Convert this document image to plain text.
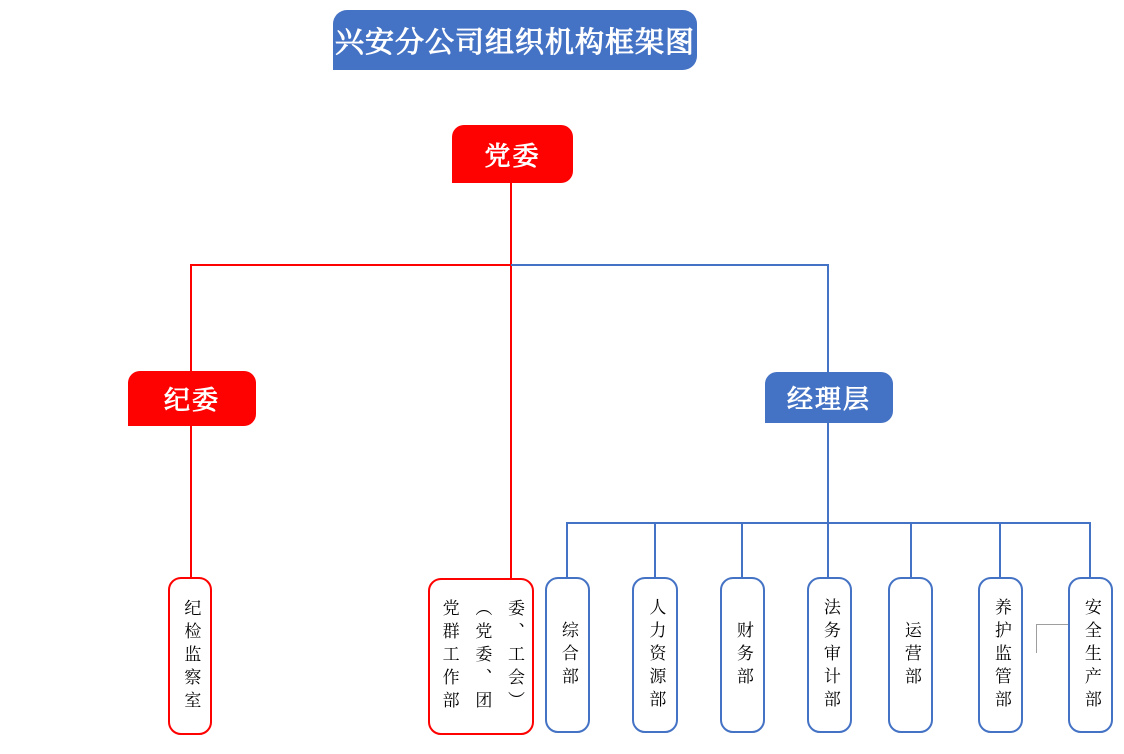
兴安分公司组织机构框架图
党委
纪委	经理层
纪检监察室	党群工作部 （党委、团 委、工会） 综合部	人力资源部	财务部	法务审计部	运营部	养护监管部	安全生产部
